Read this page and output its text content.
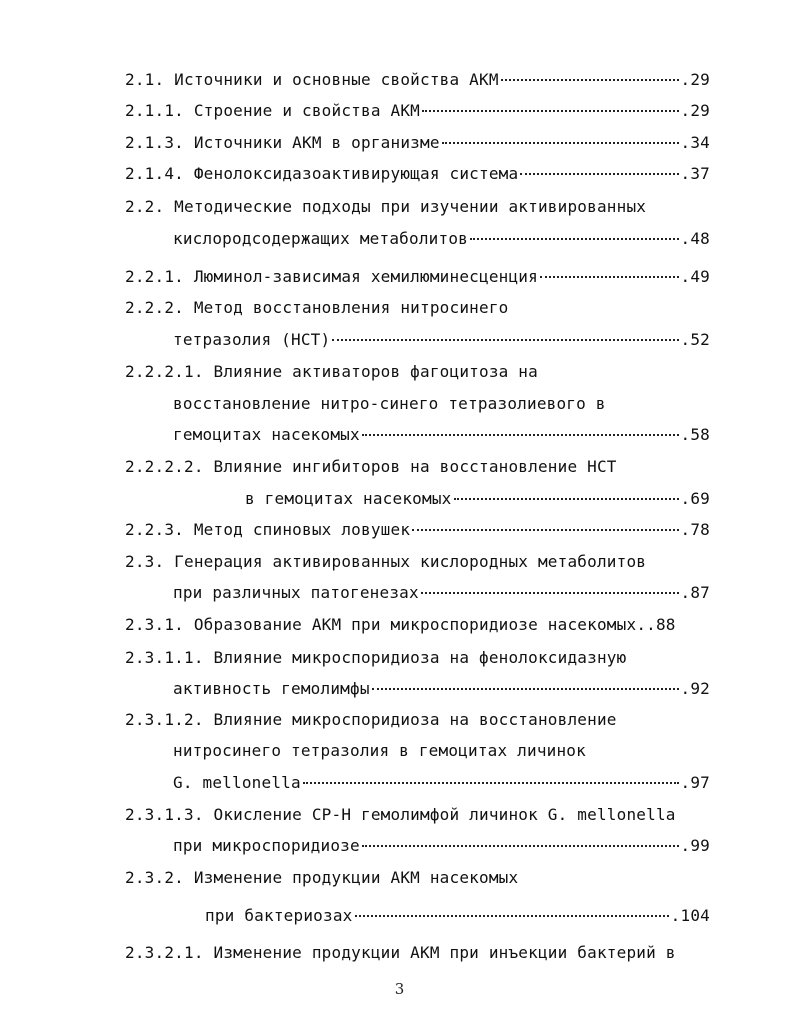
2.1. Источники и основные свойства АКМ	.29
2.1.1. Строение и свойства АКМ	.29
2.1.3. Источники АКМ в организме	.34
2.1.4. Фенолоксидазоактивирующая система	.37
2.2. Методические подходы при изучении активированных
кислородсодержащих метаболитов	.48
2.2.1. Люминол-зависимая хемилюминесценция	.49
2.2.2. Метод восстановления нитросинего
тетразолия (НСТ)	.52
2.2.2.1. Влияние активаторов фагоцитоза на
восстановление нитро-синего тетразолиевого в
гемоцитах насекомых	.58
2.2.2.2. Влияние ингибиторов на восстановление НСТ
в гемоцитах насекомых	.69
2.2.3. Метод спиновых ловушек	.78
2.3. Генерация активированных кислородных метаболитов
при различных патогенезах	.87
2.3.1. Образование АКМ при микроспоридиозе насекомых ..88
2.3.1.1. Влияние микроспоридиоза на фенолоксидазную
активность гемолимфы	.92
2.3.1.2. Влияние микроспоридиоза на восстановление
нитросинего тетразолия в гемоцитах личинок
G. mellonella	.97
2.3.1.3. Окисление СР-Н гемолимфой личинок G. mellonella
при микроспоридиозе	.99
2.3.2. Изменение продукции АКМ насекомых
при бактериозах	.104
2.3.2.1. Изменение продукции АКМ при инъекции бактерий в
3
